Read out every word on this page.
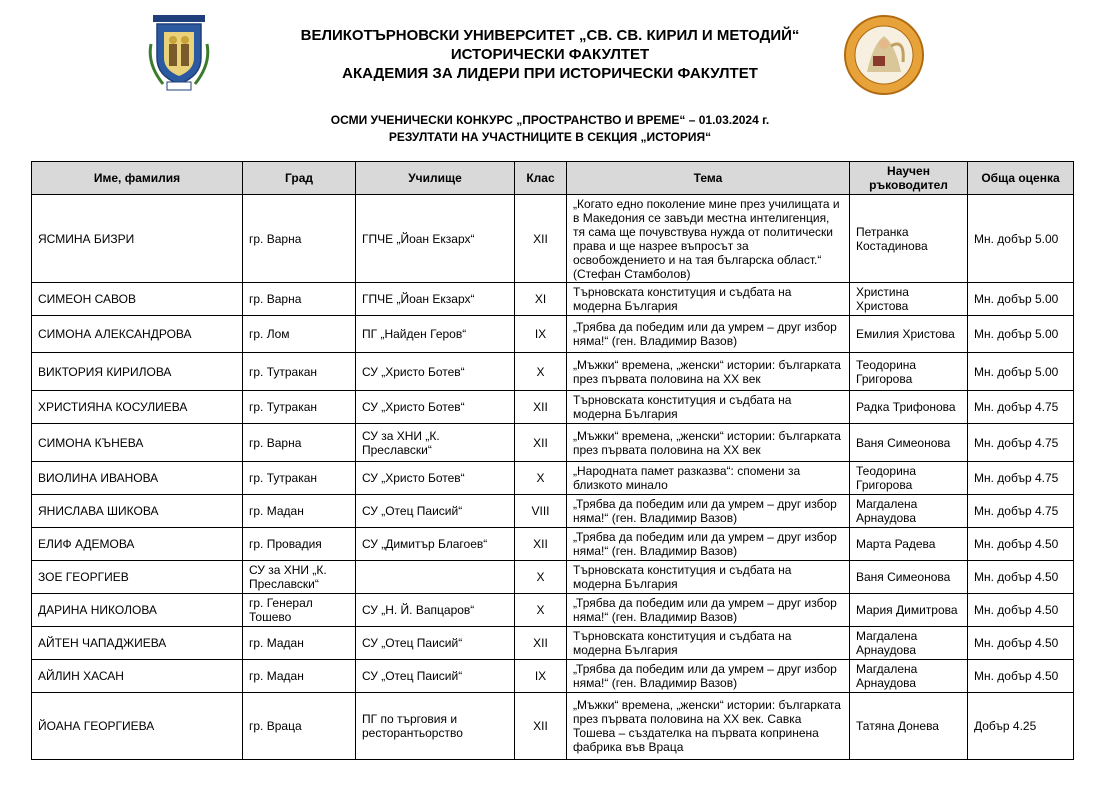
ВЕЛИКОТЪРНОВСКИ УНИВЕРСИТЕТ „СВ. СВ. КИРИЛ И МЕТОДИЙ“
ИСТОРИЧЕСКИ ФАКУЛТЕТ
АКАДЕМИЯ ЗА ЛИДЕРИ ПРИ ИСТОРИЧЕСКИ ФАКУЛТЕТ
ОСМИ УЧЕНИЧЕСКИ КОНКУРС „ПРОСТРАНСТВО И ВРЕМЕ“ – 01.03.2024 г.
РЕЗУЛТАТИ НА УЧАСТНИЦИТЕ В СЕКЦИЯ „ИСТОРИЯ“
Име, фамилия	Град	Училище	Клас	Тема	Научен ръководител	Обща оценка
ЯСМИНА БИЗРИ	гр. Варна	ГПЧЕ „Йоан Екзарх“	XII	„Когато едно поколение мине през училищата и в Македония се завъди местна интелигенция, тя сама ще почувствува нужда от политически права и ще назрее въпросът за освобождението и на тая българска област.“ (Стефан Стамболов)	Петранка Костадинова	Мн. добър 5.00
СИМЕОН САВОВ	гр. Варна	ГПЧЕ „Йоан Екзарх“	XI	Търновската конституция и съдбата на модерна България	Христина Христова	Мн. добър 5.00
СИМОНА АЛЕКСАНДРОВА	гр. Лом	ПГ „Найден Геров“	IX	„Трябва да победим или да умрем – друг избор няма!“ (ген. Владимир Вазов)	Емилия Христова	Мн. добър 5.00
ВИКТОРИЯ КИРИЛОВА	гр. Тутракан	СУ „Христо Ботев“	X	„Мъжки“ времена, „женски“ истории: българката през първата половина на XX век	Теодорина Григорова	Мн. добър 5.00
ХРИСТИЯНА КОСУЛИЕВА	гр. Тутракан	СУ „Христо Ботев“	XII	Търновската конституция и съдбата на модерна България	Радка Трифонова	Мн. добър 4.75
СИМОНА КЪНЕВА	гр. Варна	СУ за ХНИ „К. Преславски“	XII	„Мъжки“ времена, „женски“ истории: българката през първата половина на XX век	Ваня Симеонова	Мн. добър 4.75
ВИОЛИНА ИВАНОВА	гр. Тутракан	СУ „Христо Ботев“	X	„Народната памет разказва“: спомени за близкото минало	Теодорина Григорова	Мн. добър 4.75
ЯНИСЛАВА ШИКОВА	гр. Мадан	СУ „Отец Паисий“	VIII	„Трябва да победим или да умрем – друг избор няма!“ (ген. Владимир Вазов)	Магдалена Арнаудова	Мн. добър 4.75
ЕЛИФ АДЕМОВА	гр. Провадия	СУ „Димитър Благоев“	XII	„Трябва да победим или да умрем – друг избор няма!“ (ген. Владимир Вазов)	Марта Радева	Мн. добър 4.50
ЗОЕ ГЕОРГИЕВ	СУ за ХНИ „К. Преславски“		X	Търновската конституция и съдбата на модерна България	Ваня Симеонова	Мн. добър 4.50
ДАРИНА НИКОЛОВА	гр. Генерал Тошево	СУ „Н. Й. Вапцаров“	X	„Трябва да победим или да умрем – друг избор няма!“ (ген. Владимир Вазов)	Мария Димитрова	Мн. добър 4.50
АЙТЕН ЧАПАДЖИЕВА	гр. Мадан	СУ „Отец Паисий“	XII	Търновската конституция и съдбата на модерна България	Магдалена Арнаудова	Мн. добър 4.50
АЙЛИН ХАСАН	гр. Мадан	СУ „Отец Паисий“	IX	„Трябва да победим или да умрем – друг избор няма!“ (ген. Владимир Вазов)	Магдалена Арнаудова	Мн. добър 4.50
ЙОАНА ГЕОРГИЕВА	гр. Враца	ПГ по търговия и ресторантьорство	XII	„Мъжки“ времена, „женски“ истории: българката през първата половина на XX век. Савка Тошева – създателка на първата копринена фабрика във Враца	Татяна Донева	Добър 4.25
